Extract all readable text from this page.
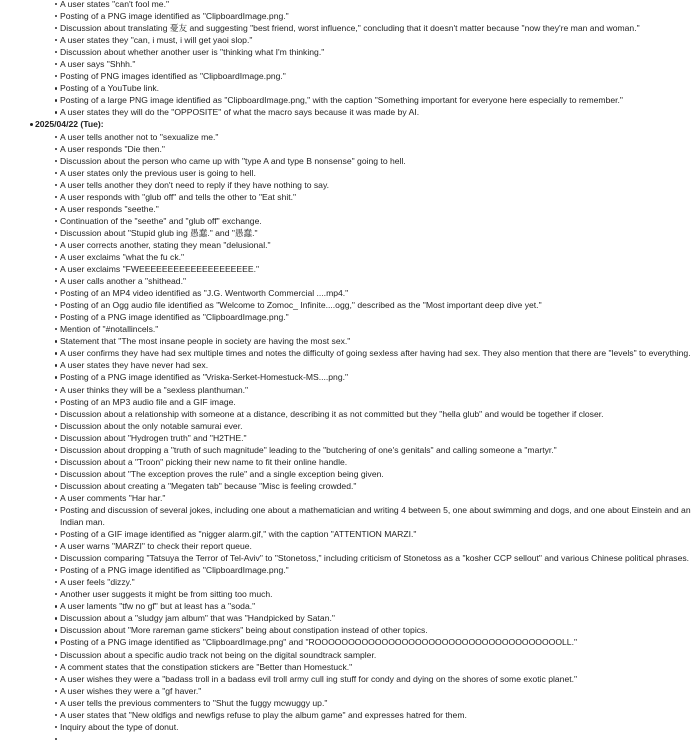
A user states "can't fool me."
Posting of a PNG image identified as "ClipboardImage.png."
Discussion about translating 憂友 and suggesting "best friend, worst influence," concluding that it doesn't matter because "now they're man and woman."
A user states they "can, i must, i will get yaoi slop."
Discussion about whether another user is "thinking what I'm thinking."
A user says "Shhh."
Posting of PNG images identified as "ClipboardImage.png."
Posting of a YouTube link.
Posting of a large PNG image identified as "ClipboardImage.png," with the caption "Something important for everyone here especially to remember."
A user states they will do the "OPPOSITE" of what the macro says because it was made by AI.
2025/04/22 (Tue):
A user tells another not to "sexualize me."
A user responds "Die then."
Discussion about the person who came up with "type A and type B nonsense" going to hell.
A user states only the previous user is going to hell.
A user tells another they don't need to reply if they have nothing to say.
A user responds with "glub off" and tells the other to "Eat shit."
A user responds "seethe."
Continuation of the "seethe" and "glub off" exchange.
Discussion about "Stupid glub ing 愚蠢." and "愚蠢."
A user corrects another, stating they mean "delusional."
A user exclaims "what the fu ck."
A user exclaims "FWEEEEEEEEEEEEEEEEEEEE."
A user calls another a "shithead."
Posting of an MP4 video identified as "J.G. Wentworth Commercial ....mp4."
Posting of an Ogg audio file identified as "Welcome to Zomoc_ Infinite....ogg," described as the "Most important deep dive yet."
Posting of a PNG image identified as "ClipboardImage.png."
Mention of "#notallincels."
Statement that "The most insane people in society are having the most sex."
A user confirms they have had sex multiple times and notes the difficulty of going sexless after having had sex. They also mention that there are "levels" to everything.
A user states they have never had sex.
Posting of a PNG image identified as "Vriska-Serket-Homestuck-MS....png."
A user thinks they will be a "sexless planthuman."
Posting of an MP3 audio file and a GIF image.
Discussion about a relationship with someone at a distance, describing it as not committed but they "hella glub" and would be together if closer.
Discussion about the only notable samurai ever.
Discussion about "Hydrogen truth" and "H2THE."
Discussion about dropping a "truth of such magnitude" leading to the "butchering of one's genitals" and calling someone a "martyr."
Discussion about a "Troon" picking their new name to fit their online handle.
Discussion about "The exception proves the rule" and a single exception being given.
Discussion about creating a "Megaten tab" because "Misc is feeling crowded."
A user comments "Har har."
Posting and discussion of several jokes, including one about a mathematician and writing 4 between 5, one about swimming and dogs, and one about Einstein and an Indian man.
Posting of a GIF image identified as "nigger alarm.gif," with the caption "ATTENTION MARZI."
A user warns "MARZI" to check their report queue.
Discussion comparing "Tatsuya the Terror of Tel-Aviv" to "Stonetoss," including criticism of Stonetoss as a "kosher CCP sellout" and various Chinese political phrases.
Posting of a PNG image identified as "ClipboardImage.png."
A user feels "dizzy."
Another user suggests it might be from sitting too much.
A user laments "tfw no gf" but at least has a "soda."
Discussion about a "sludgy jam album" that was "Handpicked by Satan."
Discussion about "More rareman game stickers" being about constipation instead of other topics.
Posting of a PNG image identified as "ClipboardImage.png" and "ROOOOOOOOOOOOOOOOOOOOOOOOOOOOOOOOOOOOOLL."
Discussion about a specific audio track not being on the digital soundtrack sampler.
A comment states that the constipation stickers are "Better than Homestuck."
A user wishes they were a "badass troll in a badass evil troll army cull ing stuff for condy and dying on the shores of some exotic planet."
A user wishes they were a "gf haver."
A user tells the previous commenters to "Shut the fuggy mcwuggy up."
A user states that "New oldfigs and newfigs refuse to play the album game" and expresses hatred for them.
Inquiry about the type of donut.
